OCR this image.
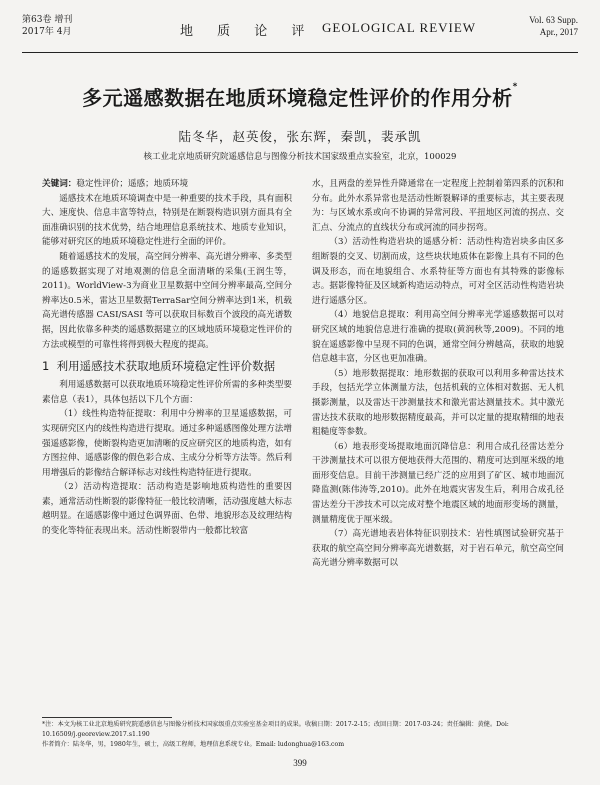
第63卷 增刊
2017年 4月	地 质 论 评 GEOLOGICAL REVIEW	Vol. 63 Supp.
Apr., 2017
多元遥感数据在地质环境稳定性评价的作用分析*
陆冬华，赵英俊，张东辉，秦凯，裴承凯
核工业北京地质研究院遥感信息与图像分析技术国家级重点实验室，北京，100029

关键词：稳定性评价；遥感；地质环境

遥感技术在地质环境调查中是一种重要的技术手段，具有面积大、速度快、信息丰富等特点，特别是在断裂构造识别方面具有全面准确识别的技术优势，结合地理信息系统技术、地质专业知识，能够对研究区的地质环境稳定性进行全面的评价。

随着遥感技术的发展，高空间分辨率、高光谱分辨率、多类型的遥感数据实现了对地观测的信息全面清晰的采集(王润生等，2011)。WorldView-3为商业卫星数据中空间分辨率最高,空间分辨率达0.5米，雷达卫星数据TerraSar空间分辨率达到1米，机载高光谱传感器 CASI/SASI 等可以获取目标数百个波段的高光谱数据，因此依靠多种类的遥感数据建立的区域地质环境稳定性评价的方法或模型的可靠性将得到极大程度的提高。

1 利用遥感技术获取地质环境稳定性评价数据

利用遥感数据可以获取地质环境稳定性评价所需的多种类型要素信息（表1），具体包括以下几个方面：

（1）线性构造特征提取：利用中分辨率的卫星遥感数据，可实现研究区内的线性构造进行提取。通过多种遥感图像处理方法增强遥感影像，使断裂构造更加清晰的反应研究区的地质构造，如有方图拉伸、遥感影像的假色彩合成、主成分分析等方法等。然后利用增强后的影像结合解译标志对线性构造特征进行提取。

（2）活动构造提取：活动构造是影响地质构造性的重要因素，通常活动性断裂的影像特征一般比较清晰，活动强度越大标志越明显。在遥感影像中通过色调界面、色带、地貌形态及纹理结构的变化等特征表现出来。活动性断裂带内一般都比较富

水，且两盘的差异性升降通常在一定程度上控制着第四系的沉积和分布。此外水系异常也是活动性断裂解译的重要标志，其主要表现为：与区域水系或向不协调的异常河段、平扭地区河流的拐点、交汇点、分流点的直线状分布或河流的同步拐弯。

（3）活动性构造岩块的遥感分析：活动性构造岩块多由区多组断裂的交叉、切割而成，这些块状地质体在影像上具有不同的色调及形态，而在地貌组合、水系特征等方面也有其特殊的影像标志。据影像特征及区域新构造运动特点，可对全区活动性构造岩块进行遥感分区。

（4）地貌信息提取：利用高空间分辨率光学遥感数据可以对研究区域的地貌信息进行准确的提取(黄润秋等,2009)。不同的地貌在遥感影像中呈现不同的色调，通常空间分辨越高，获取的地貌信息越丰富，分区也更加准确。

（5）地形数据提取：地形数据的获取可以利用多种雷达技术手段，包括光学立体测量方法，包括机载的立体相对数据、无人机摄影测量，以及雷达干涉测量技术和激光雷达测量技术。其中激光雷达技术获取的地形数据精度最高，并可以定量的提取精细的地表粗糙度等参数。

（6）地表形变场提取地面沉降信息：利用合成孔径雷达差分干涉测量技术可以很方便地获得大范围的、精度可达到厘米级的地面形变信息。目前干涉测量已经广泛的应用到了矿区、城市地面沉降监测(陈伟涛等,2010)。此外在地震灾害发生后，利用合成孔径雷达差分干涉技术可以完成对整个地震区域的地面形变场的测量，测量精度优于厘米级。

（7）高光谱地表岩体特征识别技术：岩性填图试验研究基于获取的航空高空间分辨率高光谱数据，对于岩石单元，航空高空间高光谱分辨率数据可以

*注：本文为核工业北京地质研究院遥感信息与图像分析技术国家级重点实验室基金项目的成果。收稿日期：2017-2-15；改回日期：2017-03-24；责任编辑：黄健。Doi: 10.16509/j.georeview.2017.s1.190
作者简介：陆冬华，男，1980年生，硕士，高级工程师，地理信息系统专业。Email: ludonghua@163.com
399
